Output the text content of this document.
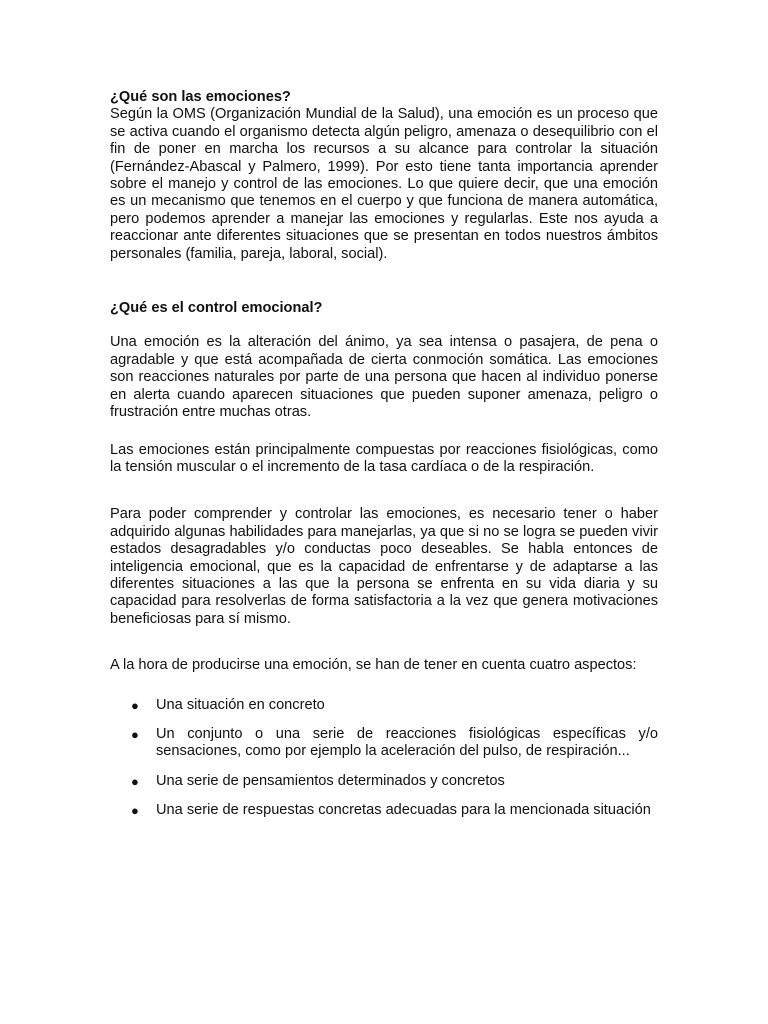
¿Qué son las emociones?

Según la OMS (Organización Mundial de la Salud), una emoción es un proceso que se activa cuando el organismo detecta algún peligro, amenaza o desequilibrio con el fin de poner en marcha los recursos a su alcance para controlar la situación (Fernández-Abascal y Palmero, 1999). Por esto tiene tanta importancia aprender sobre el manejo y control de las emociones. Lo que quiere decir, que una emoción es un mecanismo que tenemos en el cuerpo y que funciona de manera automática, pero podemos aprender a manejar las emociones y regularlas. Este nos ayuda a reaccionar ante diferentes situaciones que se presentan en todos nuestros ámbitos personales (familia, pareja, laboral, social).

¿Qué es el control emocional?

Una emoción es la alteración del ánimo, ya sea intensa o pasajera, de pena o agradable y que está acompañada de cierta conmoción somática. Las emociones son reacciones naturales por parte de una persona que hacen al individuo ponerse en alerta cuando aparecen situaciones que pueden suponer amenaza, peligro o frustración entre muchas otras.

Las emociones están principalmente compuestas por reacciones fisiológicas, como la tensión muscular o el incremento de la tasa cardíaca o de la respiración.

Para poder comprender y controlar las emociones, es necesario tener o haber adquirido algunas habilidades para manejarlas, ya que si no se logra se pueden vivir estados desagradables y/o conductas poco deseables. Se habla entonces de inteligencia emocional, que es la capacidad de enfrentarse y de adaptarse a las diferentes situaciones a las que la persona se enfrenta en su vida diaria y su capacidad para resolverlas de forma satisfactoria a la vez que genera motivaciones beneficiosas para sí mismo.

A la hora de producirse una emoción, se han de tener en cuenta cuatro aspectos:

● Una situación en concreto
● Un conjunto o una serie de reacciones fisiológicas específicas y/o sensaciones, como por ejemplo la aceleración del pulso, de respiración...
● Una serie de pensamientos determinados y concretos
● Una serie de respuestas concretas adecuadas para la mencionada situación
